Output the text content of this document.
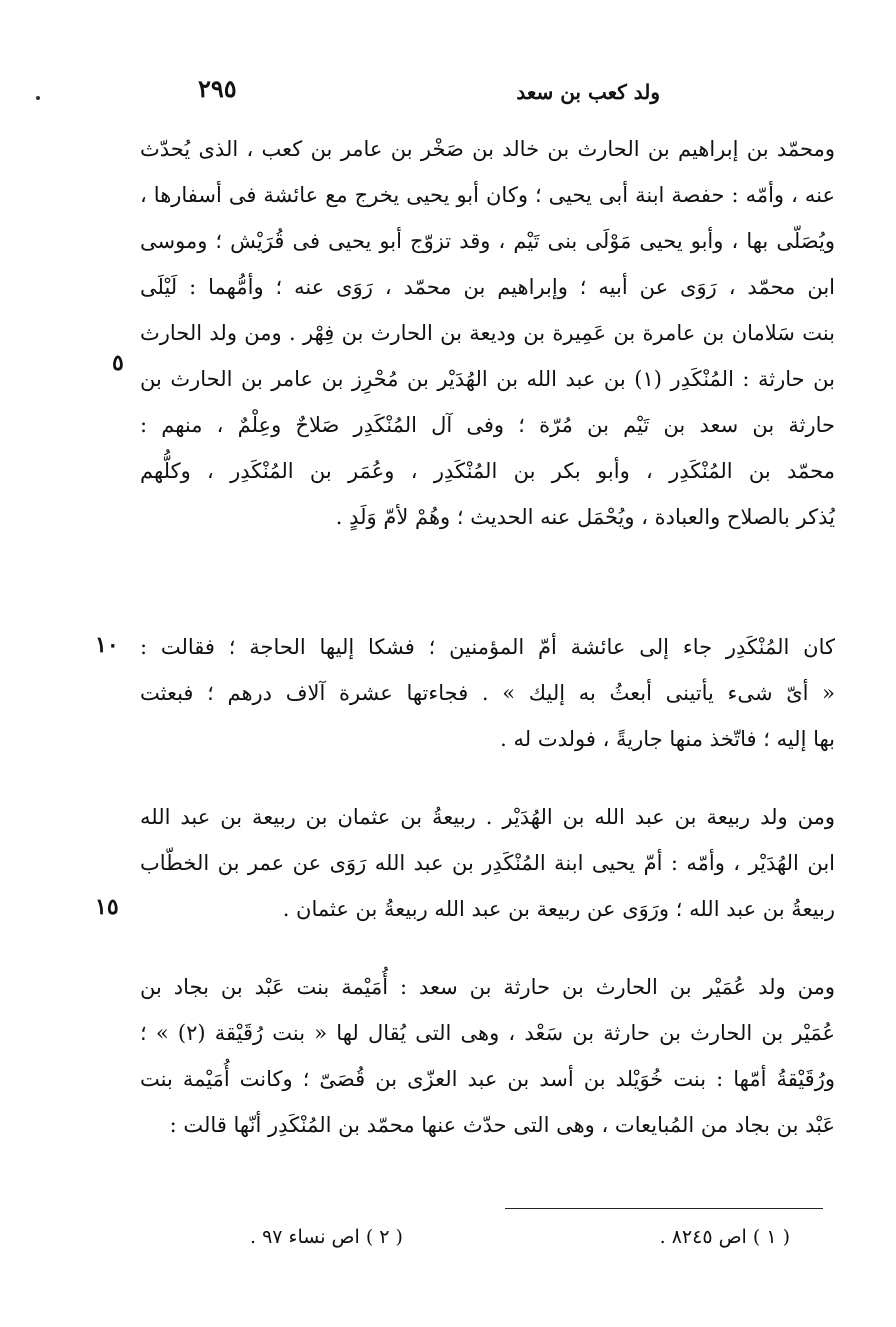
ولد كعب بن سعد
٢٩٥
ومحمّد بن إبراهيم بن الحارث بن خالد بن صَخْر بن عامر بن كعب ، الذى يُحدّث
عنه ، وأمّه : حفصة ابنة أبى يحيى ؛ وكان أبو يحيى يخرج مع عائشة فى أسفارها ،
ويُصَلّى بها ، وأبو يحيى مَوْلَى بنى تَيْم ، وقد تزوّج أبو يحيى فى قُرَيْش ؛ وموسى
ابن محمّد ، رَوَى عن أبيه ؛ وإبراهيم بن محمّد ، رَوَى عنه ؛ وأمُّهما : لَيْلَى
بنت سَلامان بن عامرة بن عَمِيرة بن وديعة بن الحارث بن فِهْر . ومن ولد الحارث
بن حارثة : المُنْكَدِر (١) بن عبد الله بن الهُدَيْر بن مُحْرِز بن عامر بن الحارث بن
حارثة بن سعد بن تَيْم بن مُرّة ؛ وفى آل المُنْكَدِر صَلاحٌ وعِلْمٌ ، منهم :
محمّد بن المُنْكَدِر ، وأبو بكر بن المُنْكَدِر ، وعُمَر بن المُنْكَدِر ، وكلُّهم
يُذكر بالصلاح والعبادة ، ويُحْمَل عنه الحديث ؛ وهُمْ لأمّ وَلَدٍ .
كان المُنْكَدِر جاء إلى عائشة أمّ المؤمنين ؛ فشكا إليها الحاجة ؛ فقالت :
« أىّ شىء يأتينى أبعثُ به إليك » . فجاءتها عشرة آلاف درهم ؛ فبعثت
بها إليه ؛ فاتّخذ منها جاريةً ، فولدت له .
ومن ولد ربيعة بن عبد الله بن الهُدَيْر . ربيعةُ بن عثمان بن ربيعة بن عبد الله
ابن الهُدَيْر ، وأمّه : أمّ يحيى ابنة المُنْكَدِر بن عبد الله رَوَى عن عمر بن الخطّاب
ربيعةُ بن عبد الله ؛ ورَوَى عن ربيعة بن عبد الله ربيعةُ بن عثمان .
ومن ولد عُمَيْر بن الحارث بن حارثة بن سعد : أُمَيْمة بنت عَبْد بن بجاد بن
عُمَيْر بن الحارث بن حارثة بن سَعْد ، وهى التى يُقال لها « بنت رُقَيْقة (٢) » ؛
ورُقَيْقةُ أمّها : بنت خُوَيْلد بن أسد بن عبد العزّى بن قُصَىّ ؛ وكانت أُمَيْمة بنت
عَبْد بن بجاد من المُبايعات ، وهى التى حدّث عنها محمّد بن المُنْكَدِر أنّها قالت :
٥
١٠
١٥
( ١ ) اص ٨٢٤٥ .
( ٢ ) اص نساء ٩٧ .
